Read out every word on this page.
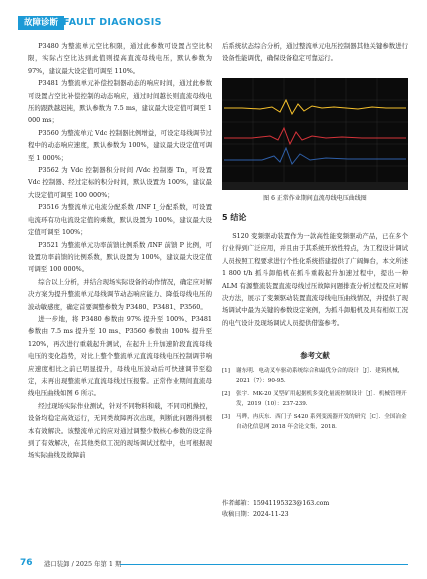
故障诊断 FAULT DIAGNOSIS

P3480 为整流单元空比积限，通过此参数可设置占空比积限，实际占空比达到此值则提高直流母线电压，默认参数为 97%，建议最大设定值可调至 110%。

P3481 为整流单元补偿控制器动态的响应时间，通过此参数可设置占空比补偿控制的动态响应，通过时间越长则直流母线电压的跟跌越迟钝，默认参数为 7.5 ms，建议最大设定值可调至 1 000 ms；

P3560 为整流单元 Vdc 控制器比例增益，可设定母线调节过程中的动态响应速度，默认参数为 100%，建议最大设定值可调至 1 000%；

P3562 为 Vdc 控制器积分时间 /Vdc 控制器 Tn，可设置 Vdc 控制器、经过定标的积分时间，默认设置为 100%，建议最大设定值可调至 100 000%；

P3516 为整流单元电流分配系数 /INF I_分配系数，可设置电流环有功电流设定值的乘数，默认设置为 100%，建议最大设定值可调至 100%；

P3521 为整流单元功率前馈比例系数 /INF 前馈 P 比例，可设置功率前馈的比例系数，默认设置为 100%，建议最大设定值可调至 100 000%。

综合以上分析，并结合现场实际设备的动作情况，确定应对解决方案为提升整流单元母线调节动态响应能力、降低母线电压的波动敏感度，确定首要调整参数为 P3480、P3481、P3560。

进一步地，将 P3480 参数由 97% 提升至 100%、P3481 参数由 7.5 ms 提升至 10 ms、P3560 参数由 100% 提升至 120%，再次进行重载起升测试，在起升上升加速阶段直流母线电压的变化趋势，对比上整个整流单元直流母线电压控制调节响应速度相比之前已明显提升，母线电压波动后可快速调节至稳定，未再出现整流单元直流母线过压报警。正常作业期间直流母线电压曲线如图 6 所示。

经过现场实际作业测试，针对不同物料和载，不同司机操控，设备均稳定高效运行，无同类故障再次出现，判断此问题得到根本有效解决。该整流单元的应对通过调整少数核心参数的设定得到了有效解决，在其他类似工况的现场调试过程中，也可根据现场实际曲线及故障前

后系统状态综合分析，通过整流单元电压控制器其他关键参数进行设备性能调优，确保设备稳定可靠运行。

图 6 正常作业期间直流母线电压曲线图
5 结论

S120 变频驱动装置作为一款高性能变频驱动产品，已在多个行业得到广泛应用，并且由于其系统开放性特点，为工程设计调试人员按照工程要求进行个性化系统搭建提供了广阔舞台，本文所述 1 800 t/h 抓斗卸船机在抓斗重载起升加速过程中，提出一种 ALM 有源整流装置直流母线过压故障问题排查分析过程及应对解决方法，展示了变频驱动装置直流母线电压曲线情况，并提供了现场调试中最为关键的参数设定案例，为抓斗卸船机及具有相似工况的电气设计及现场调试人员提供借鉴参考。

参考文献
[1]	谢东明．电动叉车驱动系统综合和最优分合的设计［J］．建筑机械，2021（7）：90-95．
[2]	张宇．MK-20 叉型矿用起据机多变化量流控制设计［J］．机械管理开发，2019（10）：237-239．
[3]	马晔，冉庆东．西门子 S420 系列变流器开发的研究［C］．全国冶金自动化信息网 2018 年会论文集，2018．
作者邮箱：15941195323@163.com
收稿日期：2024-11-23
76 港口装卸 / 2025 年第 1 期
